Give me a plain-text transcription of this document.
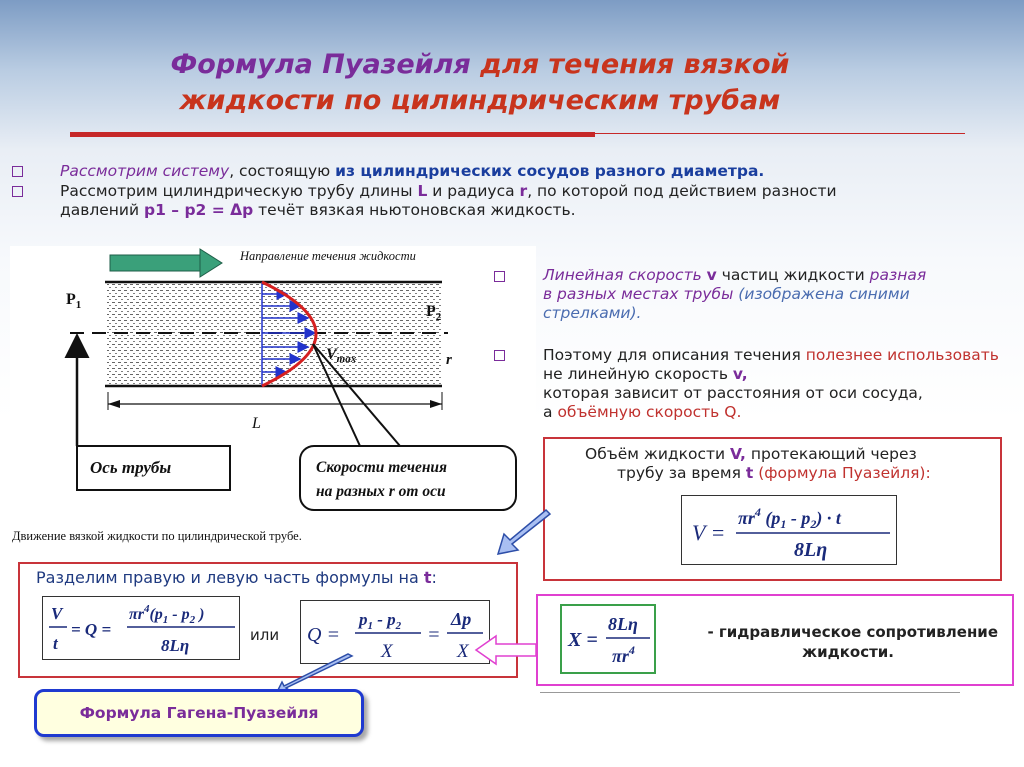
Формула Пуазейля для течения вязкой
жидкости по цилиндрическим трубам
Рассмотрим систему, состоящую из цилиндрических сосудов разного диаметра.
Рассмотрим цилиндрическую трубу длины L и радиуса r, по которой под действием разности
давлений p1 – p2 = Δp течёт вязкая ньютоновская жидкость.
Направление течения жидкости
$P_1$	$P_2$
Vmax	r
L
Ось трубы	Скорости течения
на разных r от оси
Движение вязкой жидкости по цилиндрической трубе.
Линейная скорость v частиц жидкости разная
в разных местах трубы (изображена синими стрелками).
Поэтому для описания течения полезнее использовать не линейную скорость v,
которая зависит от расстояния от оси сосуда,
а объёмную скорость Q.
Объём жидкости V, протекающий через
трубу за время t (формула Пуазейля):
V =
$\pi r^4$ $(p_1 - p_2) \cdot t$
8Lη
Разделим правую и левую часть формулы на t:
V
t
= Q =
$\pi r^4(p_1 - p_2$ )
8Lη
или Q =
$p_1 - p_2$
X
=
Δp
X
X =
8Lη
$\pi r^4$
- гидравлическое сопротивление
жидкости.
Формула Гагена-Пуазейля
